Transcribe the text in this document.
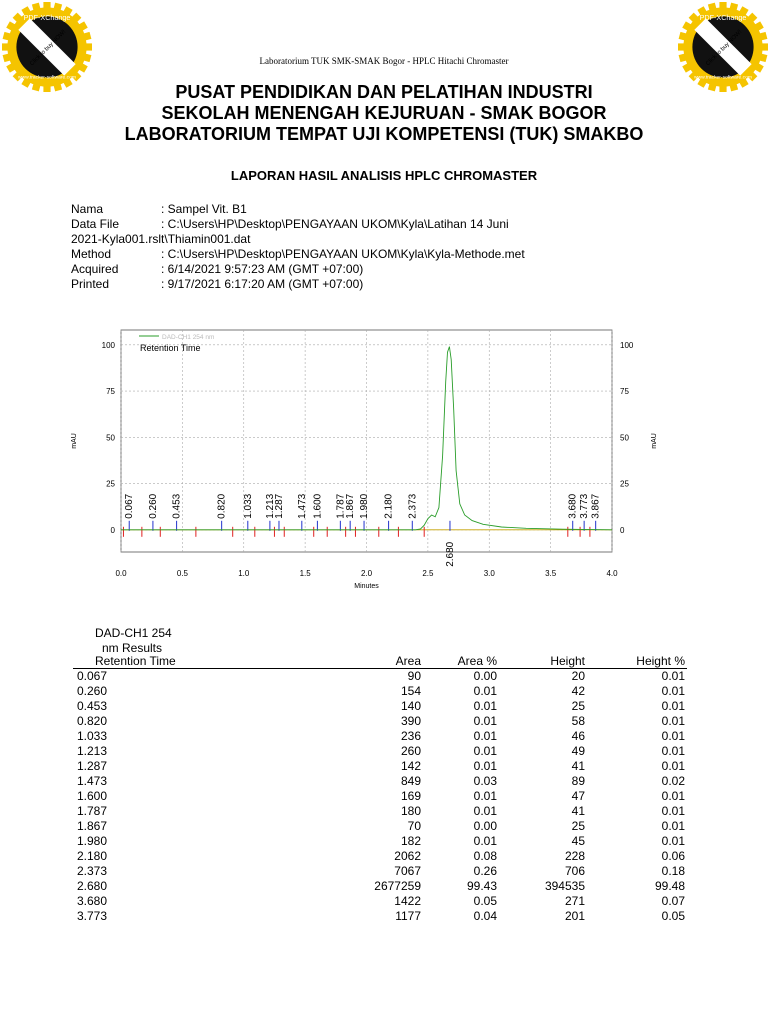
PDF-XChange
Click to buy NOW!
www.tracker-software.com
PDF-XChange
Click to buy NOW!
www.tracker-software.com
Laboratorium TUK SMK-SMAK Bogor - HPLC Hitachi Chromaster
PUSAT PENDIDIKAN DAN PELATIHAN INDUSTRI
SEKOLAH MENENGAH KEJURUAN - SMAK BOGOR
LABORATORIUM TEMPAT UJI KOMPETENSI (TUK) SMAKBO
LAPORAN HASIL ANALISIS HPLC CHROMASTER
Nama	: Sampel Vit. B1
Data File	: C:\Users\HP\Desktop\PENGAYAAN UKOM\Kyla\Latihan 14 Juni
2021-Kyla001.rslt\Thiamin001.dat
Method	: C:\Users\HP\Desktop\PENGAYAAN UKOM\Kyla\Kyla-Methode.met
Acquired	: 6/14/2021 9:57:23 AM (GMT +07:00)
Printed	: 9/17/2021 6:17:20 AM (GMT +07:00)
0.0	0.5	1.0	1.5	2.0	2.5	3.0	3.5	4.0
0	0
25	25
50	50
75	75
100	100
Minutes
mAU	mAU
DAD-CH1 254 nm
Retention Time
0.067 0.260 0.453	0.820 1.033 1.213
1.287 1.473 1.600 1.787
1.867 1.980 2.180 2.373
2.680
3.680 3.773 3.867
DAD-CH1 254
nm Results
Retention Time	Area	Area %	Height	Height %
0.067	90	0.00	20	0.01
0.260	154	0.01	42	0.01
0.453	140	0.01	25	0.01
0.820	390	0.01	58	0.01
1.033	236	0.01	46	0.01
1.213	260	0.01	49	0.01
1.287	142	0.01	41	0.01
1.473	849	0.03	89	0.02
1.600	169	0.01	47	0.01
1.787	180	0.01	41	0.01
1.867	70	0.00	25	0.01
1.980	182	0.01	45	0.01
2.180	2062	0.08	228	0.06
2.373	7067	0.26	706	0.18
2.680	2677259	99.43	394535	99.48
3.680	1422	0.05	271	0.07
3.773	1177	0.04	201	0.05
